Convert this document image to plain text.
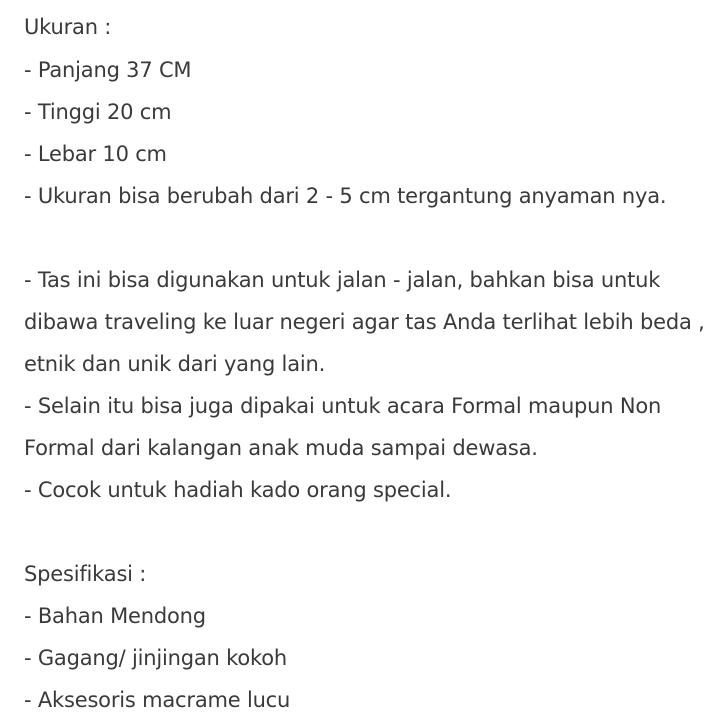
Ukuran :
- Panjang 37 CM
- Tinggi 20 cm
- Lebar 10 cm
- Ukuran bisa berubah dari 2 - 5 cm tergantung anyaman nya.
- Tas ini bisa digunakan untuk jalan - jalan, bahkan bisa untuk
dibawa traveling ke luar negeri agar tas Anda terlihat lebih beda ,
etnik dan unik dari yang lain.
- Selain itu bisa juga dipakai untuk acara Formal maupun Non
Formal dari kalangan anak muda sampai dewasa.
- Cocok untuk hadiah kado orang special.
Spesifikasi :
- Bahan Mendong
- Gagang/ jinjingan kokoh
- Aksesoris macrame lucu
